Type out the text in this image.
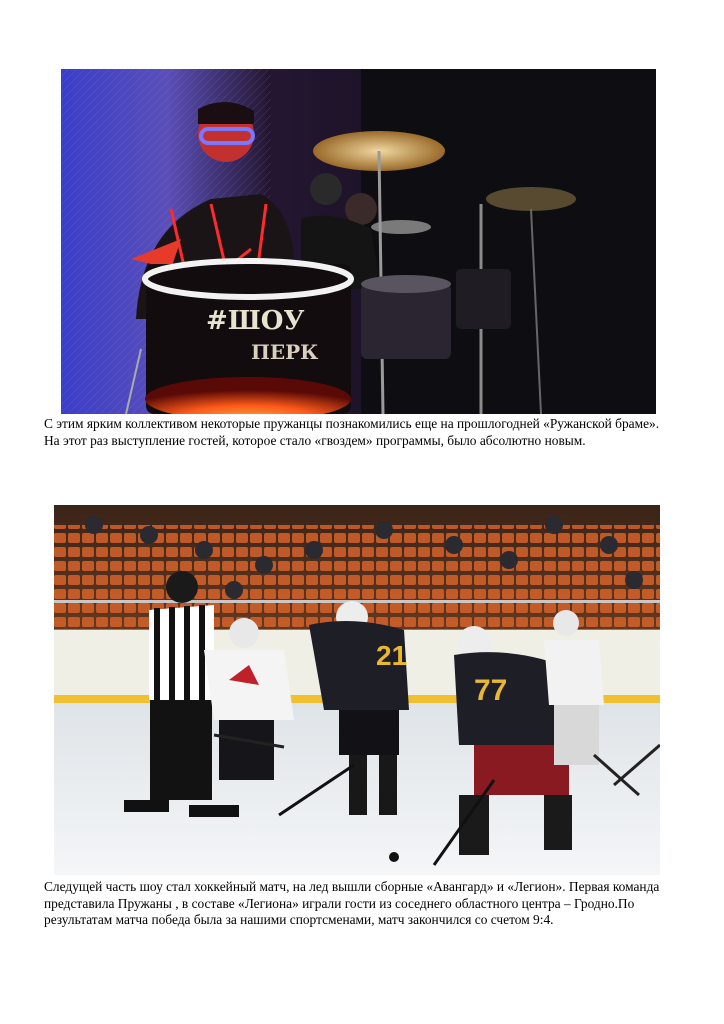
#ШОУ
ПЕРК

С этим ярким коллективом некоторые пружанцы познакомились еще на прошлогодней «Ружанской браме». На этот раз выступление гостей, которое стало «гвоздем» программы, было абсолютно новым.

21
77

Следущей часть шоу стал хоккейный матч, на лед вышли сборные «Авангард» и «Легион». Первая команда представила Пружаны , в составе «Легиона» играли гости из соседнего областного центра – Гродно.По результатам матча победа была за нашими спортсменами, матч закончился со счетом 9:4.
